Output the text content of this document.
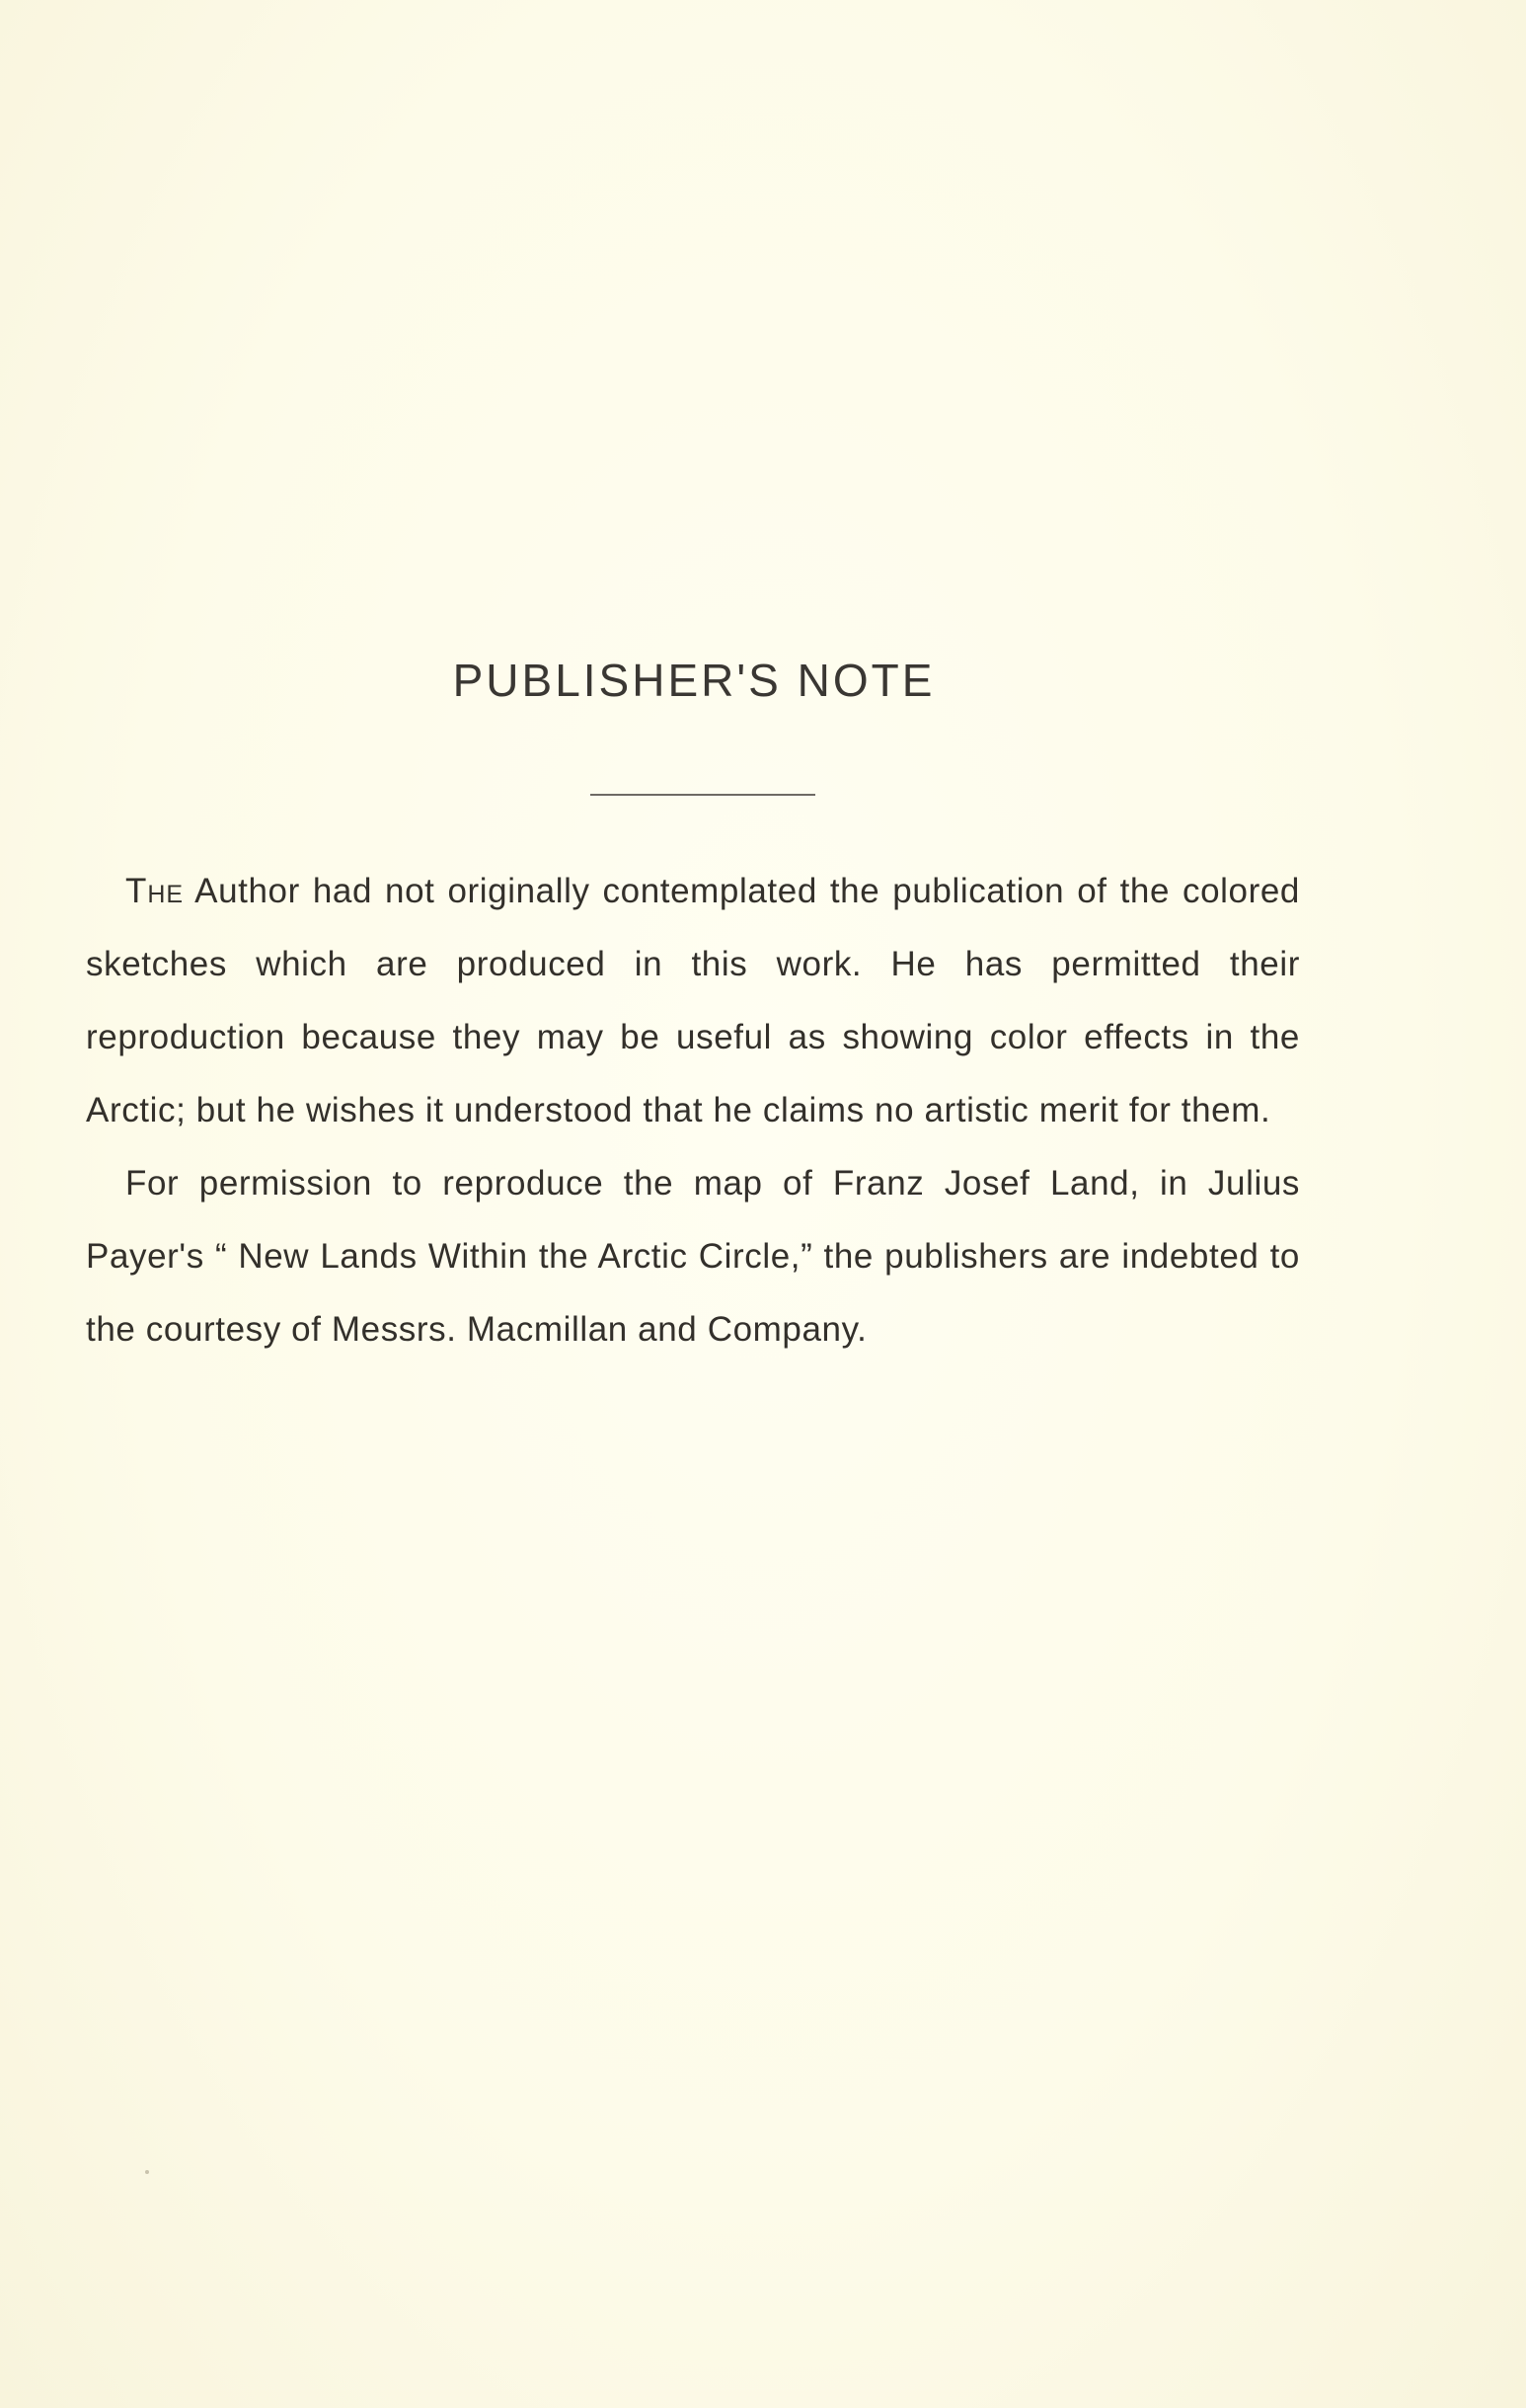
PUBLISHER'S NOTE

The Author had not originally contemplated the publication of the colored sketches which are produced in this work. He has permitted their reproduction because they may be useful as showing color effects in the Arctic; but he wishes it understood that he claims no artistic merit for them.

For permission to reproduce the map of Franz Josef Land, in Julius Payer's “ New Lands Within the Arctic Circle,” the publishers are indebted to the courtesy of Messrs. Macmillan and Company.
